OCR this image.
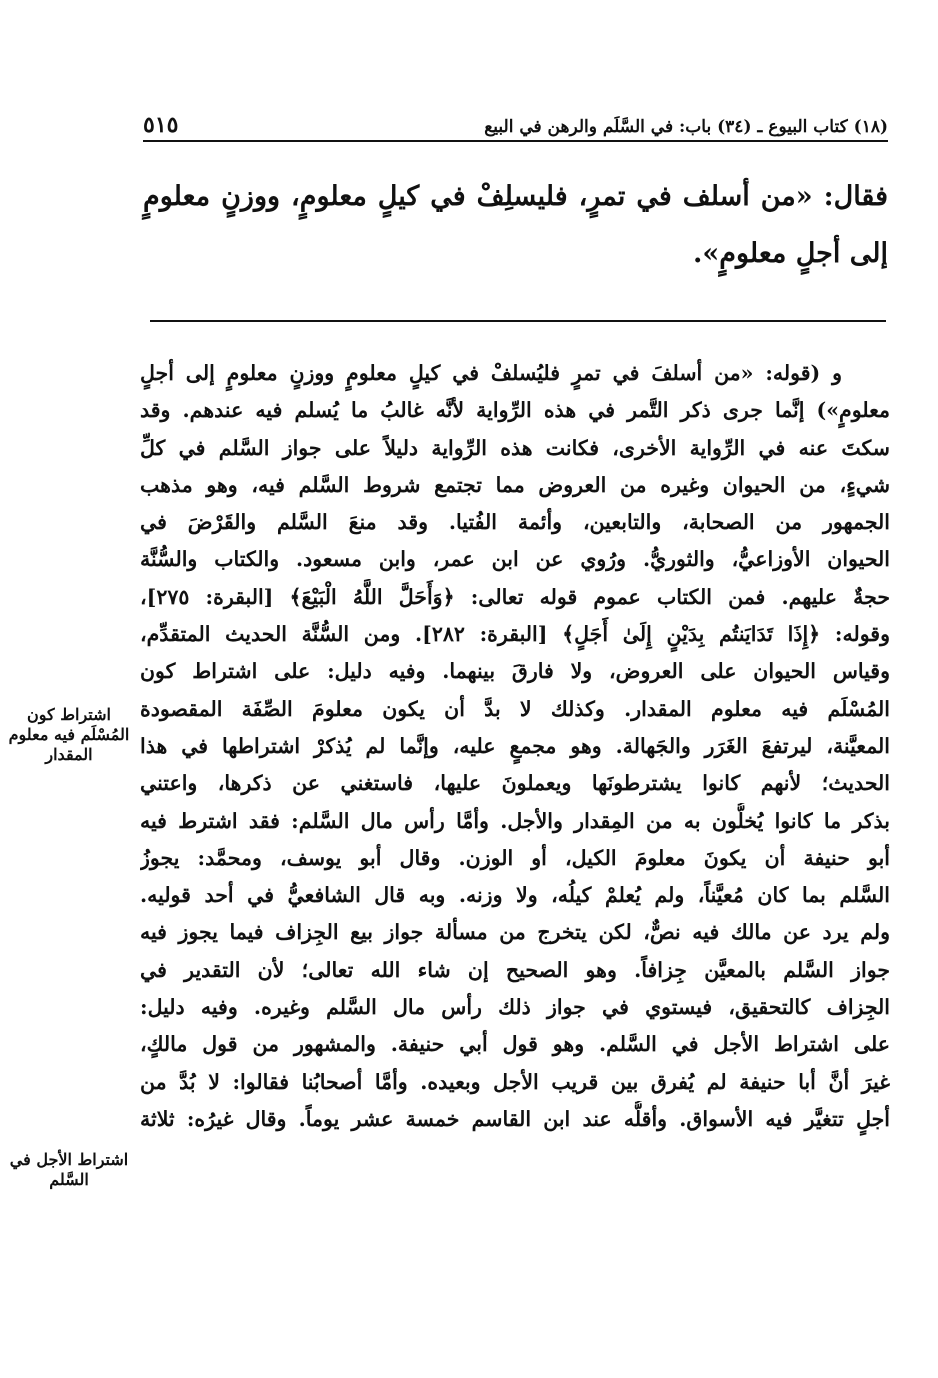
(١٨) كتاب البيوع ـ (٣٤) باب: في السَّلَم والرهن في البيع
٥١٥
فقال: «من أسلف في تمرٍ، فليسلِفْ في كيلٍ معلومٍ، ووزنٍ معلومٍ إلى أجلٍ معلومٍ».
و (قوله: «من أسلفَ في تمرٍ فليُسلفْ في كيلٍ معلومٍ ووزنٍ معلومٍ إلى أجلٍ
معلومٍ») إنَّما جرى ذكر التَّمر في هذه الرِّواية لأنَّه غالبُ ما يُسلم فيه عندهم. وقد
سكتَ عنه في الرِّواية الأخرى، فكانت هذه الرِّواية دليلاً على جواز السَّلم في كلِّ
شيءٍ، من الحيوان وغيره من العروض مما تجتمع شروط السَّلم فيه، وهو مذهب
الجمهور من الصحابة، والتابعين، وأئمة الفُتيا. وقد منعَ السَّلم والقَرْضَ في
الحيوان الأوزاعيُّ، والثوريُّ. ورُوي عن ابن عمر، وابن مسعود. والكتاب والسُّنَّة
حجةٌ عليهم. فمن الكتاب عموم قوله تعالى: ﴿وَأَحَلَّ اللَّهُ الْبَيْعَ﴾ [البقرة: ٢٧٥]،
وقوله: ﴿إِذَا تَدَايَنتُم بِدَيْنٍ إِلَىٰ أَجَلٍ﴾ [البقرة: ٢٨٢]. ومن السُّنَّة الحديث المتقدِّم،
وقياس الحيوان على العروض، ولا فارقَ بينهما. وفيه دليل: على اشتراط كون
المُسْلَم فيه معلوم المقدار. وكذلك لا بدَّ أن يكون معلومَ الصِّفَة المقصودة
المعيَّنة، ليرتفعَ الغَرَر والجَهالة. وهو مجمعٍ عليه، وإنَّما لم يُذكرْ اشتراطها في هذا
الحديث؛ لأنهم كانوا يشترطونَها ويعملونَ عليها، فاستغني عن ذكرها، واعتني
بذكر ما كانوا يُخلُّون به من المِقدار والأجل. وأمَّا رأس مال السَّلم: فقد اشترط فيه
أبو حنيفة أن يكونَ معلومَ الكيل، أو الوزن. وقال أبو يوسف، ومحمَّد: يجوزُ
السَّلم بما كان مُعيَّناً، ولم يُعلمْ كيلُه، ولا وزنه. وبه قال الشافعيُّ في أحد قوليه.
ولم يرد عن مالك فيه نصٌّ، لكن يتخرج من مسألة جواز بيع الجِزاف فيما يجوز فيه
جواز السَّلم بالمعيَّن جِزافاً. وهو الصحيح إن شاء الله تعالى؛ لأن التقدير في
الجِزاف كالتحقيق، فيستوي في جواز ذلك رأس مال السَّلم وغيره. وفيه دليل:
على اشتراط الأجل في السَّلم. وهو قول أبي حنيفة. والمشهور من قول مالكٍ،
غيرَ أنَّ أبا حنيفة لم يُفرق بين قريب الأجل وبعيده. وأمَّا أصحابُنا فقالوا: لا بُدَّ من
أجلٍ تتغيَّر فيه الأسواق. وأقلُّه عند ابن القاسم خمسة عشر يوماً. وقال غيرُه: ثلاثة
اشتراط كون المُسْلَم فيه معلوم المقدار
اشتراط الأجل في السَّلم
